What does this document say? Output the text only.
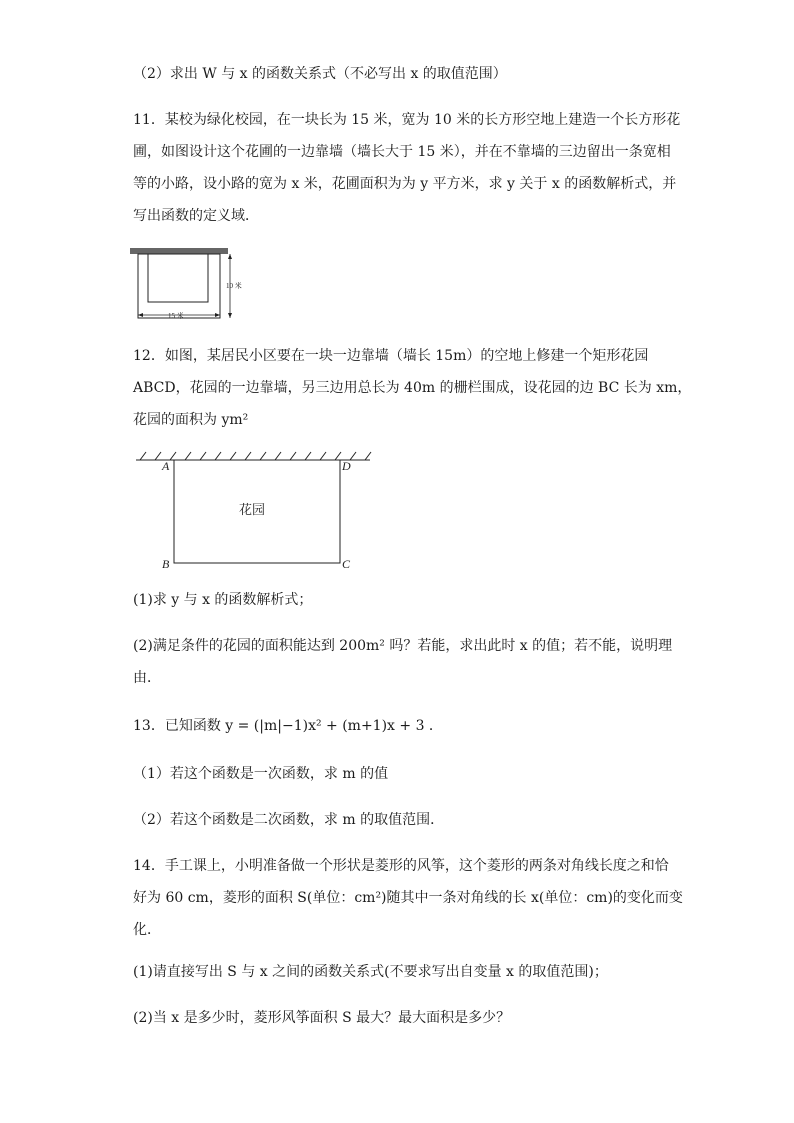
（2）求出 W 与 x 的函数关系式（不必写出 x 的取值范围）
11．某校为绿化校园，在一块长为 15 米，宽为 10 米的长方形空地上建造一个长方形花
圃，如图设计这个花圃的一边靠墙（墙长大于 15 米），并在不靠墙的三边留出一条宽相
等的小路，设小路的宽为 x 米，花圃面积为为 y 平方米，求 y 关于 x 的函数解析式，并
写出函数的定义域．
10 米
15 米
12．如图，某居民小区要在一块一边靠墙（墙长 15m）的空地上修建一个矩形花园
ABCD，花园的一边靠墙，另三边用总长为 40m 的栅栏围成，设花园的边 BC 长为 xm，
花园的面积为 ym²
A	D
B	C
花园
(1)求 y 与 x 的函数解析式；
(2)满足条件的花园的面积能达到 200m² 吗？若能，求出此时 x 的值；若不能，说明理
由．
13．已知函数 y = (|m|−1)x² + (m+1)x + 3 ．
（1）若这个函数是一次函数，求 m 的值
（2）若这个函数是二次函数，求 m 的取值范围．
14．手工课上，小明准备做一个形状是菱形的风筝，这个菱形的两条对角线长度之和恰
好为 60 cm，菱形的面积 S(单位：cm²)随其中一条对角线的长 x(单位：cm)的变化而变
化．
(1)请直接写出 S 与 x 之间的函数关系式(不要求写出自变量 x 的取值范围)；
(2)当 x 是多少时，菱形风筝面积 S 最大？最大面积是多少？
